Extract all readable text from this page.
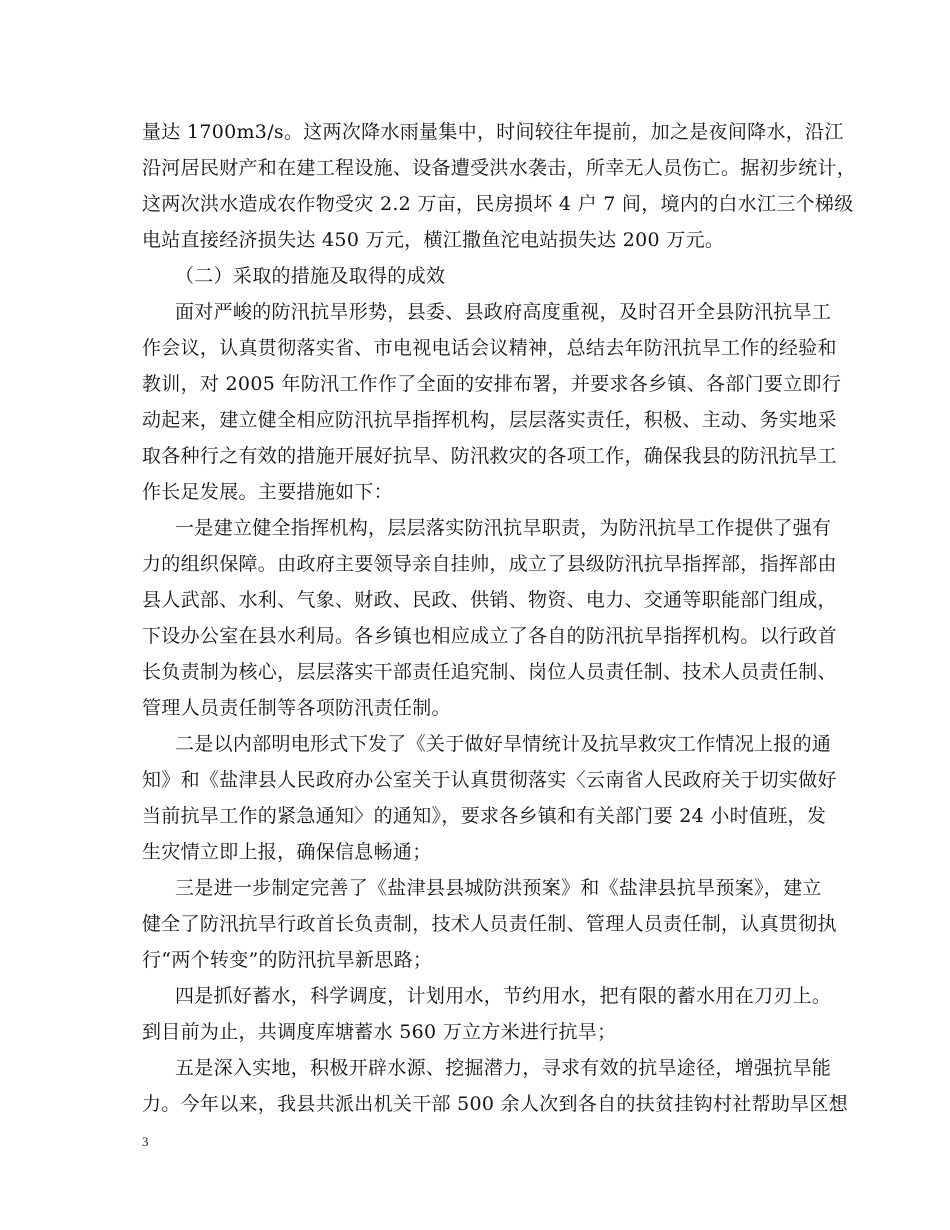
量达 1700m3/s。这两次降水雨量集中，时间较往年提前，加之是夜间降水，沿江
沿河居民财产和在建工程设施、设备遭受洪水袭击，所幸无人员伤亡。据初步统计，
这两次洪水造成农作物受灾 2.2 万亩，民房损坏 4 户 7 间，境内的白水江三个梯级
电站直接经济损失达 450 万元，横江撒鱼沱电站损失达 200 万元。
（二）采取的措施及取得的成效
面对严峻的防汛抗旱形势，县委、县政府高度重视，及时召开全县防汛抗旱工
作会议，认真贯彻落实省、市电视电话会议精神，总结去年防汛抗旱工作的经验和
教训，对 2005 年防汛工作作了全面的安排布署，并要求各乡镇、各部门要立即行
动起来，建立健全相应防汛抗旱指挥机构，层层落实责任，积极、主动、务实地采
取各种行之有效的措施开展好抗旱、防汛救灾的各项工作，确保我县的防汛抗旱工
作长足发展。主要措施如下：
一是建立健全指挥机构，层层落实防汛抗旱职责，为防汛抗旱工作提供了强有
力的组织保障。由政府主要领导亲自挂帅，成立了县级防汛抗旱指挥部，指挥部由
县人武部、水利、气象、财政、民政、供销、物资、电力、交通等职能部门组成，
下设办公室在县水利局。各乡镇也相应成立了各自的防汛抗旱指挥机构。以行政首
长负责制为核心，层层落实干部责任追究制、岗位人员责任制、技术人员责任制、
管理人员责任制等各项防汛责任制。
二是以内部明电形式下发了《关于做好旱情统计及抗旱救灾工作情况上报的通
知》和《盐津县人民政府办公室关于认真贯彻落实〈云南省人民政府关于切实做好
当前抗旱工作的紧急通知〉的通知》，要求各乡镇和有关部门要 24 小时值班，发
生灾情立即上报，确保信息畅通；
三是进一步制定完善了《盐津县县城防洪预案》和《盐津县抗旱预案》，建立
健全了防汛抗旱行政首长负责制，技术人员责任制、管理人员责任制，认真贯彻执
行“两个转变”的防汛抗旱新思路；
四是抓好蓄水，科学调度，计划用水，节约用水，把有限的蓄水用在刀刃上。
到目前为止，共调度库塘蓄水 560 万立方米进行抗旱；
五是深入实地，积极开辟水源、挖掘潜力，寻求有效的抗旱途径，增强抗旱能
力。今年以来，我县共派出机关干部 500 余人次到各自的扶贫挂钩村社帮助旱区想
3
